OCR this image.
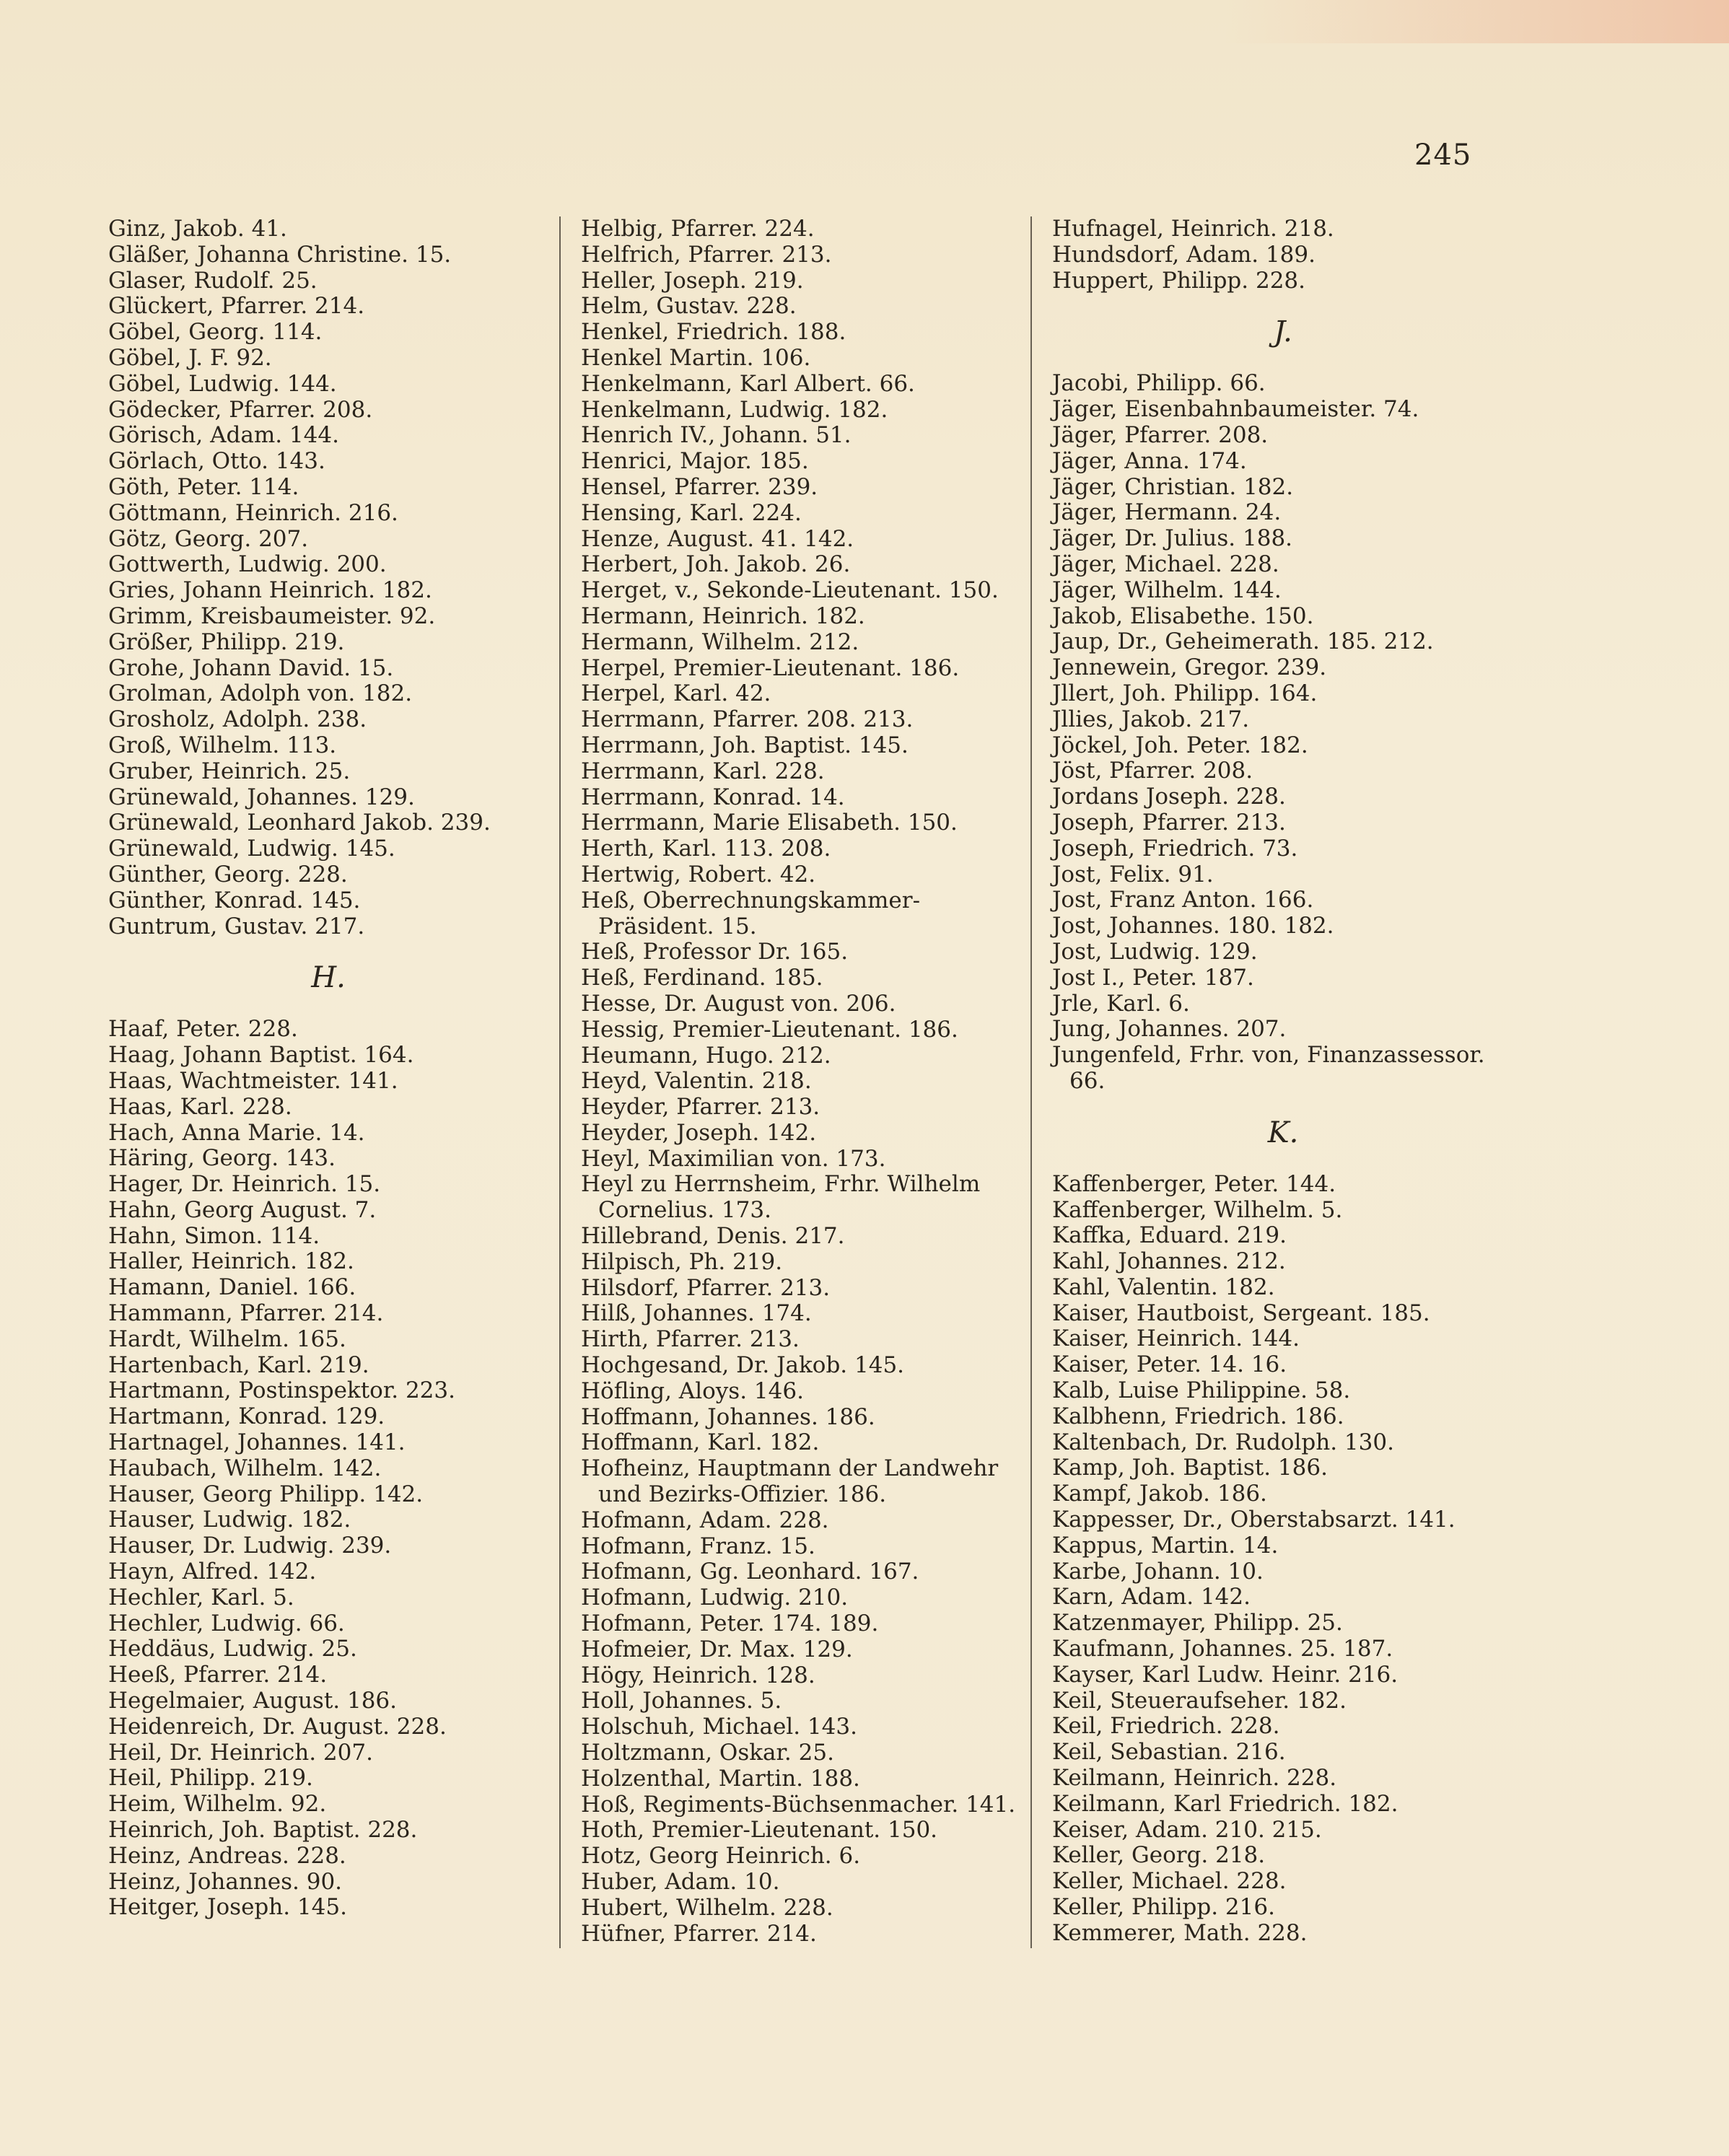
245
Ginz, Jakob. 41.
Gläßer, Johanna Christine. 15.
Glaser, Rudolf. 25.
Glückert, Pfarrer. 214.
Göbel, Georg. 114.
Göbel, J. F. 92.
Göbel, Ludwig. 144.
Gödecker, Pfarrer. 208.
Görisch, Adam. 144.
Görlach, Otto. 143.
Göth, Peter. 114.
Göttmann, Heinrich. 216.
Götz, Georg. 207.
Gottwerth, Ludwig. 200.
Gries, Johann Heinrich. 182.
Grimm, Kreisbaumeister. 92.
Größer, Philipp. 219.
Grohe, Johann David. 15.
Grolman, Adolph von. 182.
Grosholz, Adolph. 238.
Groß, Wilhelm. 113.
Gruber, Heinrich. 25.
Grünewald, Johannes. 129.
Grünewald, Leonhard Jakob. 239.
Grünewald, Ludwig. 145.
Günther, Georg. 228.
Günther, Konrad. 145.
Guntrum, Gustav. 217.
H.
Haaf, Peter. 228.
Haag, Johann Baptist. 164.
Haas, Wachtmeister. 141.
Haas, Karl. 228.
Hach, Anna Marie. 14.
Häring, Georg. 143.
Hager, Dr. Heinrich. 15.
Hahn, Georg August. 7.
Hahn, Simon. 114.
Haller, Heinrich. 182.
Hamann, Daniel. 166.
Hammann, Pfarrer. 214.
Hardt, Wilhelm. 165.
Hartenbach, Karl. 219.
Hartmann, Postinspektor. 223.
Hartmann, Konrad. 129.
Hartnagel, Johannes. 141.
Haubach, Wilhelm. 142.
Hauser, Georg Philipp. 142.
Hauser, Ludwig. 182.
Hauser, Dr. Ludwig. 239.
Hayn, Alfred. 142.
Hechler, Karl. 5.
Hechler, Ludwig. 66.
Heddäus, Ludwig. 25.
Heeß, Pfarrer. 214.
Hegelmaier, August. 186.
Heidenreich, Dr. August. 228.
Heil, Dr. Heinrich. 207.
Heil, Philipp. 219.
Heim, Wilhelm. 92.
Heinrich, Joh. Baptist. 228.
Heinz, Andreas. 228.
Heinz, Johannes. 90.
Heitger, Joseph. 145.
Helbig, Pfarrer. 224.
Helfrich, Pfarrer. 213.
Heller, Joseph. 219.
Helm, Gustav. 228.
Henkel, Friedrich. 188.
Henkel Martin. 106.
Henkelmann, Karl Albert. 66.
Henkelmann, Ludwig. 182.
Henrich IV., Johann. 51.
Henrici, Major. 185.
Hensel, Pfarrer. 239.
Hensing, Karl. 224.
Henze, August. 41. 142.
Herbert, Joh. Jakob. 26.
Herget, v., Sekonde-Lieutenant. 150.
Hermann, Heinrich. 182.
Hermann, Wilhelm. 212.
Herpel, Premier-Lieutenant. 186.
Herpel, Karl. 42.
Herrmann, Pfarrer. 208. 213.
Herrmann, Joh. Baptist. 145.
Herrmann, Karl. 228.
Herrmann, Konrad. 14.
Herrmann, Marie Elisabeth. 150.
Herth, Karl. 113. 208.
Hertwig, Robert. 42.
Heß, Oberrechnungskammer-Präsident. 15.
Heß, Professor Dr. 165.
Heß, Ferdinand. 185.
Hesse, Dr. August von. 206.
Hessig, Premier-Lieutenant. 186.
Heumann, Hugo. 212.
Heyd, Valentin. 218.
Heyder, Pfarrer. 213.
Heyder, Joseph. 142.
Heyl, Maximilian von. 173.
Heyl zu Herrnsheim, Frhr. Wilhelm Cornelius. 173.
Hillebrand, Denis. 217.
Hilpisch, Ph. 219.
Hilsdorf, Pfarrer. 213.
Hilß, Johannes. 174.
Hirth, Pfarrer. 213.
Hochgesand, Dr. Jakob. 145.
Höfling, Aloys. 146.
Hoffmann, Johannes. 186.
Hoffmann, Karl. 182.
Hofheinz, Hauptmann der Landwehr und Bezirks-Offizier. 186.
Hofmann, Adam. 228.
Hofmann, Franz. 15.
Hofmann, Gg. Leonhard. 167.
Hofmann, Ludwig. 210.
Hofmann, Peter. 174. 189.
Hofmeier, Dr. Max. 129.
Högy, Heinrich. 128.
Holl, Johannes. 5.
Holschuh, Michael. 143.
Holtzmann, Oskar. 25.
Holzenthal, Martin. 188.
Hoß, Regiments-Büchsenmacher. 141.
Hoth, Premier-Lieutenant. 150.
Hotz, Georg Heinrich. 6.
Huber, Adam. 10.
Hubert, Wilhelm. 228.
Hüfner, Pfarrer. 214.
Hufnagel, Heinrich. 218.
Hundsdorf, Adam. 189.
Huppert, Philipp. 228.
J.
Jacobi, Philipp. 66.
Jäger, Eisenbahnbaumeister. 74.
Jäger, Pfarrer. 208.
Jäger, Anna. 174.
Jäger, Christian. 182.
Jäger, Hermann. 24.
Jäger, Dr. Julius. 188.
Jäger, Michael. 228.
Jäger, Wilhelm. 144.
Jakob, Elisabethe. 150.
Jaup, Dr., Geheimerath. 185. 212.
Jennewein, Gregor. 239.
Jllert, Joh. Philipp. 164.
Jllies, Jakob. 217.
Jöckel, Joh. Peter. 182.
Jöst, Pfarrer. 208.
Jordans Joseph. 228.
Joseph, Pfarrer. 213.
Joseph, Friedrich. 73.
Jost, Felix. 91.
Jost, Franz Anton. 166.
Jost, Johannes. 180. 182.
Jost, Ludwig. 129.
Jost I., Peter. 187.
Jrle, Karl. 6.
Jung, Johannes. 207.
Jungenfeld, Frhr. von, Finanzassessor. 66.
K.
Kaffenberger, Peter. 144.
Kaffenberger, Wilhelm. 5.
Kaffka, Eduard. 219.
Kahl, Johannes. 212.
Kahl, Valentin. 182.
Kaiser, Hautboist, Sergeant. 185.
Kaiser, Heinrich. 144.
Kaiser, Peter. 14. 16.
Kalb, Luise Philippine. 58.
Kalbhenn, Friedrich. 186.
Kaltenbach, Dr. Rudolph. 130.
Kamp, Joh. Baptist. 186.
Kampf, Jakob. 186.
Kappesser, Dr., Oberstabsarzt. 141.
Kappus, Martin. 14.
Karbe, Johann. 10.
Karn, Adam. 142.
Katzenmayer, Philipp. 25.
Kaufmann, Johannes. 25. 187.
Kayser, Karl Ludw. Heinr. 216.
Keil, Steueraufseher. 182.
Keil, Friedrich. 228.
Keil, Sebastian. 216.
Keilmann, Heinrich. 228.
Keilmann, Karl Friedrich. 182.
Keiser, Adam. 210. 215.
Keller, Georg. 218.
Keller, Michael. 228.
Keller, Philipp. 216.
Kemmerer, Math. 228.
